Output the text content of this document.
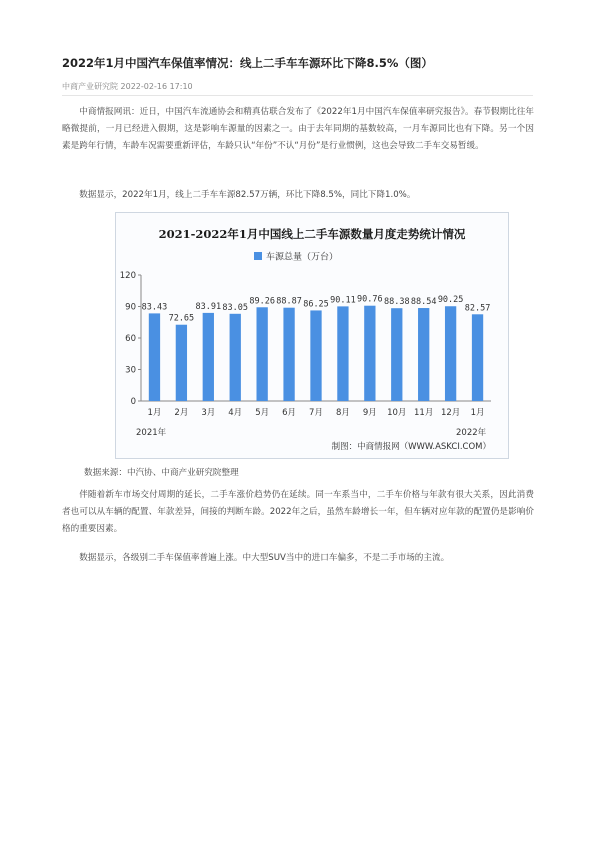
2022年1月中国汽车保值率情况：线上二手车车源环比下降8.5%（图）
中商产业研究院 2022-02-16 17:10

中商情报网讯：近日，中国汽车流通协会和精真估联合发布了《2022年1月中国汽车保值率研究报告》。春节假期比往年略微提前，一月已经进入假期，这是影响车源量的因素之一。由于去年同期的基数较高，一月车源同比也有下降。另一个因素是跨年行情，车龄车况需要重新评估，车龄只认“年份”不认“月份”是行业惯例，这也会导致二手车交易暂缓。

数据显示，2022年1月，线上二手车车源82.57万辆，环比下降8.5%，同比下降1.0%。

2021-2022年1月中国线上二手车源数量月度走势统计情况
车源总量（万台）
0
30
60
90
120
83.43
1月
72.65
2月
83.91
3月
83.05
4月
89.26
5月
88.87
6月
86.25
7月
90.11
8月
90.76
9月
88.38
10月
88.54
11月
90.25
12月
82.57
1月
2021年	2022年
制图：中商情报网（WWW.ASKCI.COM）
数据来源：中汽协、中商产业研究院整理

伴随着新车市场交付周期的延长，二手车涨价趋势仍在延续。同一车系当中，二手车价格与年款有很大关系，因此消费者也可以从车辆的配置、年款差异，间接的判断车龄。2022年之后，虽然车龄增长一年，但车辆对应年款的配置仍是影响价格的重要因素。

数据显示，各级别二手车保值率普遍上涨。中大型SUV当中的进口车偏多，不是二手市场的主流。
